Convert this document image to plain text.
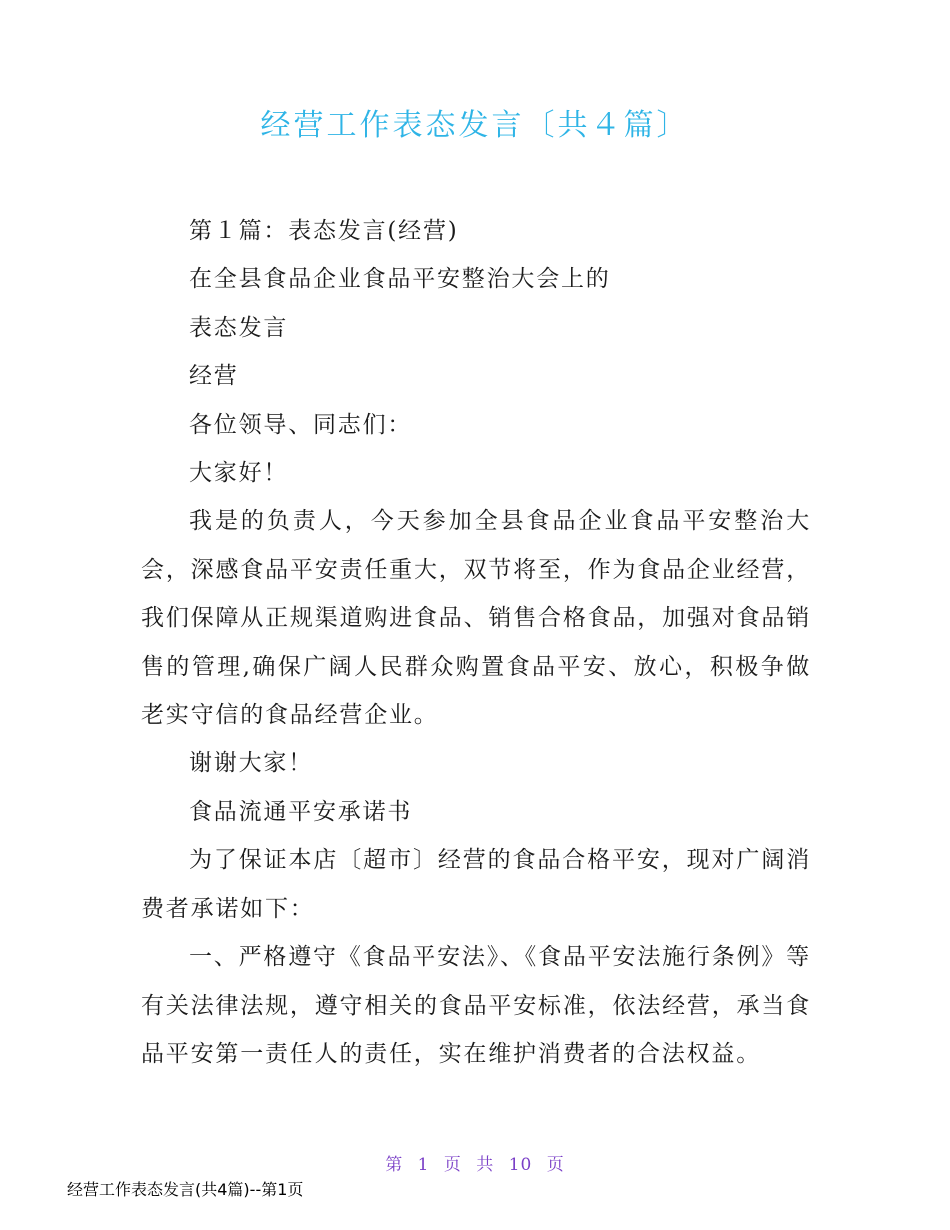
经营工作表态发言〔共４篇〕

第１篇：表态发言(经营)

在全县食品企业食品平安整治大会上的

表态发言

经营

各位领导、同志们：

大家好！

我是的负责人，今天参加全县食品企业食品平安整治大会，深感食品平安责任重大，双节将至，作为食品企业经营，我们保障从正规渠道购进食品、销售合格食品，加强对食品销售的管理,确保广阔人民群众购置食品平安、放心，积极争做老实守信的食品经营企业。

谢谢大家！

食品流通平安承诺书

为了保证本店〔超市〕经营的食品合格平安，现对广阔消费者承诺如下：

一、严格遵守《食品平安法》、《食品平安法施行条例》等有关法律法规，遵守相关的食品平安标准，依法经营，承当食品平安第一责任人的责任，实在维护消费者的合法权益。

第 1 页 共 10 页
经营工作表态发言(共4篇)--第1页
